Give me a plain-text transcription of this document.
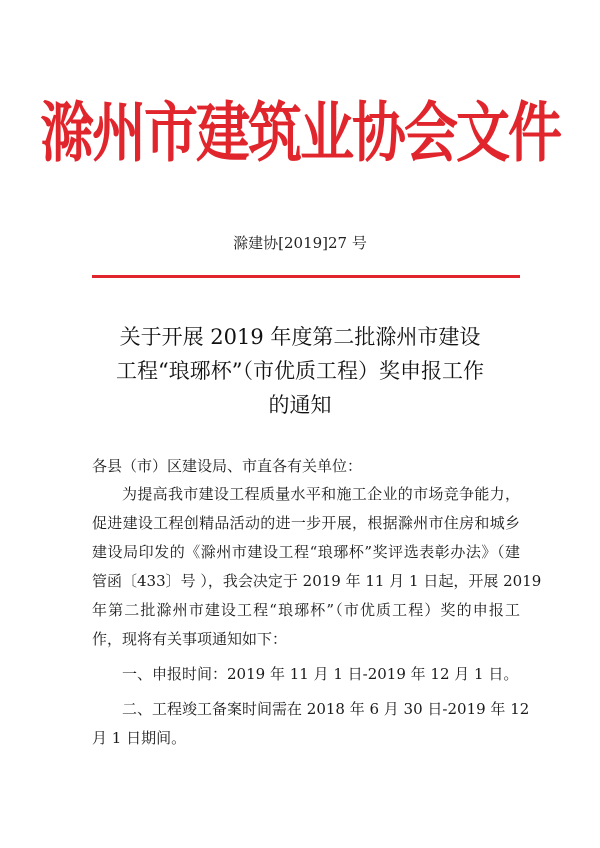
滁州市建筑业协会文件
滁建协[2019]27 号
关于开展 2019 年度第二批滁州市建设
工程“琅琊杯”（市优质工程）奖申报工作
的通知
各县（市）区建设局、市直各有关单位：

为提高我市建设工程质量水平和施工企业的市场竞争能力，
促进建设工程创精品活动的进一步开展，根据滁州市住房和城乡
建设局印发的《滁州市建设工程“琅琊杯”奖评选表彰办法》（建
管函〔433〕号 ），我会决定于 2019 年 11 月 1 日起，开展 2019
年第二批滁州市建设工程“琅琊杯”（市优质工程）奖的申报工
作，现将有关事项通知如下：

一、申报时间：2019 年 11 月 1 日-2019 年 12 月 1 日。

二、工程竣工备案时间需在 2018 年 6 月 30 日-2019 年 12
月 1 日期间。
